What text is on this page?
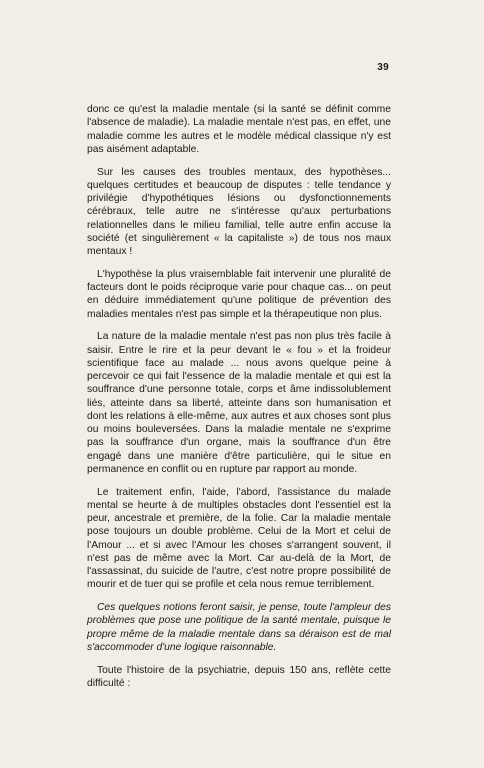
39

donc ce qu'est la maladie mentale (si la santé se définit comme l'absence de maladie). La maladie mentale n'est pas, en effet, une maladie comme les autres et le modèle médical classique n'y est pas aisément adaptable.

Sur les causes des troubles mentaux, des hypothèses... quelques certitudes et beaucoup de disputes : telle tendance y privilégie d'hypothétiques lésions ou dysfonctionnements cérébraux, telle autre ne s'intéresse qu'aux perturbations relationnelles dans le milieu familial, telle autre enfin accuse la société (et singulièrement « la capitaliste ») de tous nos maux mentaux !

L'hypothèse la plus vraisemblable fait intervenir une pluralité de facteurs dont le poids réciproque varie pour chaque cas... on peut en déduire immédiatement qu'une politique de prévention des maladies mentales n'est pas simple et la thérapeutique non plus.

La nature de la maladie mentale n'est pas non plus très facile à saisir. Entre le rire et la peur devant le « fou » et la froideur scientifique face au malade ... nous avons quelque peine à percevoir ce qui fait l'essence de la maladie mentale et qui est la souffrance d'une personne totale, corps et âme indissolublement liés, atteinte dans sa liberté, atteinte dans son humanisation et dont les relations à elle-même, aux autres et aux choses sont plus ou moins bouleversées. Dans la maladie mentale ne s'exprime pas la souffrance d'un organe, mais la souffrance d'un être engagé dans une manière d'être particulière, qui le situe en permanence en conflit ou en rupture par rapport au monde.

Le traitement enfin, l'aide, l'abord, l'assistance du malade mental se heurte à de multiples obstacles dont l'essentiel est la peur, ancestrale et première, de la folie. Car la maladie mentale pose toujours un double problème. Celui de la Mort et celui de l'Amour ... et si avec l'Amour les choses s'arrangent souvent, il n'est pas de même avec la Mort. Car au-delà de la Mort, de l'assassinat, du suicide de l'autre, c'est notre propre possibilité de mourir et de tuer qui se profile et cela nous remue terriblement.

Ces quelques notions feront saisir, je pense, toute l'ampleur des problèmes que pose une politique de la santé mentale, puisque le propre même de la maladie mentale dans sa déraison est de mal s'accommoder d'une logique raisonnable.

Toute l'histoire de la psychiatrie, depuis 150 ans, reflète cette difficulté :
